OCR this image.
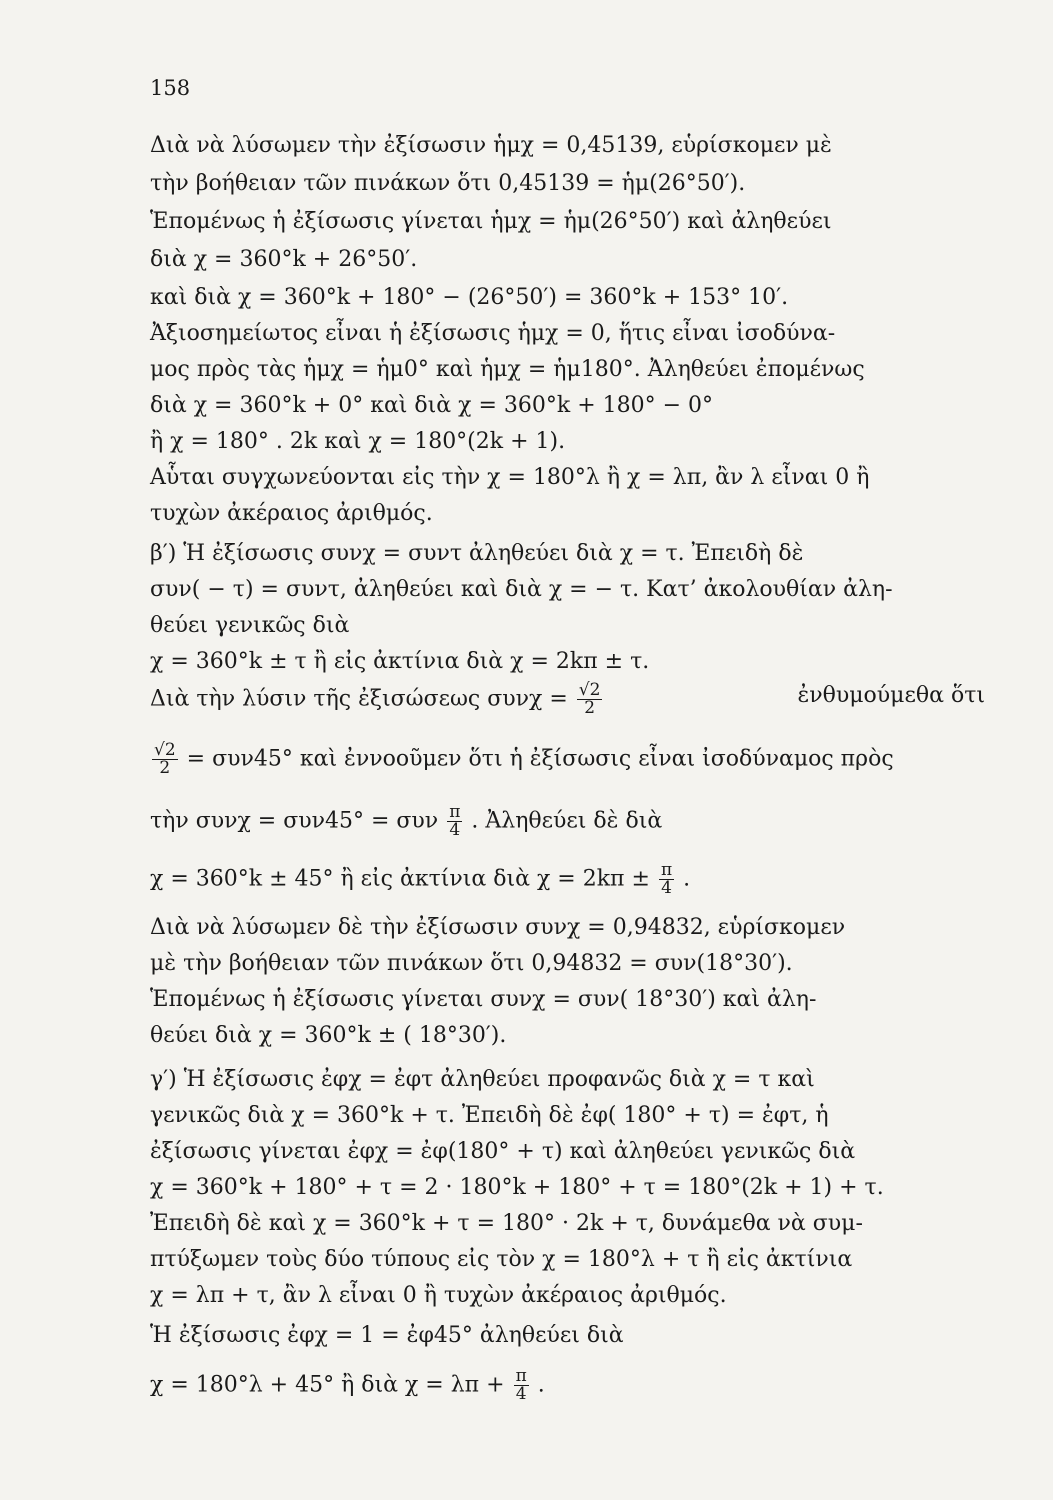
158
Διὰ νὰ λύσωμεν τὴν ἐξίσωσιν ἡμχ = 0,45139, εὑρίσκομεν μὲ
τὴν βοήθειαν τῶν πινάκων ὅτι 0,45139 = ἡμ(26°50′).
Ἑπομένως ἡ ἐξίσωσις γίνεται ἡμχ = ἡμ(26°50′) καὶ ἀληθεύει
διὰ χ = 360°k + 26°50′.
καὶ διὰ χ = 360°k + 180° − (26°50′) = 360°k + 153° 10′.
Ἀξιοσημείωτος εἶναι ἡ ἐξίσωσις ἡμχ = 0, ἥτις εἶναι ἰσοδύνα-
μος πρὸς τὰς ἡμχ = ἡμ0° καὶ ἡμχ = ἡμ180°. Ἀληθεύει ἐπομένως
διὰ χ = 360°k + 0° καὶ διὰ χ = 360°k + 180° − 0°
ἢ χ = 180° . 2k καὶ χ = 180°(2k + 1).
Αὗται συγχωνεύονται εἰς τὴν χ = 180°λ ἢ χ = λπ, ἂν λ εἶναι 0 ἢ
τυχὼν ἀκέραιος ἀριθμός.
β′) Ἡ ἐξίσωσις συνχ = συντ ἀληθεύει διὰ χ = τ. Ἐπειδὴ δὲ
συν( − τ) = συντ, ἀληθεύει καὶ διὰ χ = − τ. Κατ’ ἀκολουθίαν ἀλη-
θεύει γενικῶς διὰ
χ = 360°k ± τ ἢ εἰς ἀκτίνια διὰ χ = 2kπ ± τ.
Διὰ τὴν λύσιν τῆς ἐξισώσεως $\sigma\upsilon\nu\chi = \frac{√2}{2}$	ἐνθυμούμεθα ὅτι
$\frac{√2}{2} = \sigma\upsilon\nu 45^\circ$ καὶ ἐννοοῦμεν ὅτι ἡ ἐξίσωσις εἶναι ἰσοδύναμος πρὸς
τὴν συνχ = συν45° = συν $\frac{\pi}{4}$ . Ἀληθεύει δὲ διὰ
χ = 360°k ± 45° ἢ εἰς ἀκτίνια διὰ $\chi = 2k\pi \pm \frac{\pi}{4}$ .
Διὰ νὰ λύσωμεν δὲ τὴν ἐξίσωσιν συνχ = 0,94832, εὑρίσκομεν
μὲ τὴν βοήθειαν τῶν πινάκων ὅτι 0,94832 = συν(18°30′).
Ἑπομένως ἡ ἐξίσωσις γίνεται συνχ = συν( 18°30′) καὶ ἀλη-
θεύει διὰ χ = 360°k ± ( 18°30′).
γ′) Ἡ ἐξίσωσις ἐφχ = ἐφτ ἀληθεύει προφανῶς διὰ χ = τ καὶ
γενικῶς διὰ χ = 360°k + τ. Ἐπειδὴ δὲ ἐφ( 180° + τ) = ἐφτ, ἡ
ἐξίσωσις γίνεται ἐφχ = ἐφ(180° + τ) καὶ ἀληθεύει γενικῶς διὰ
χ = 360°k + 180° + τ = 2 · 180°k + 180° + τ = 180°(2k + 1) + τ.
Ἐπειδὴ δὲ καὶ χ = 360°k + τ = 180° · 2k + τ, δυνάμεθα νὰ συμ-
πτύξωμεν τοὺς δύο τύπους εἰς τὸν χ = 180°λ + τ ἢ εἰς ἀκτίνια
χ = λπ + τ, ἂν λ εἶναι 0 ἢ τυχὼν ἀκέραιος ἀριθμός.
Ἡ ἐξίσωσις ἐφχ = 1 = ἐφ45° ἀληθεύει διὰ
χ = 180°λ + 45° ἢ διὰ $\chi = \lambda\pi + \frac{\pi}{4}$ .
